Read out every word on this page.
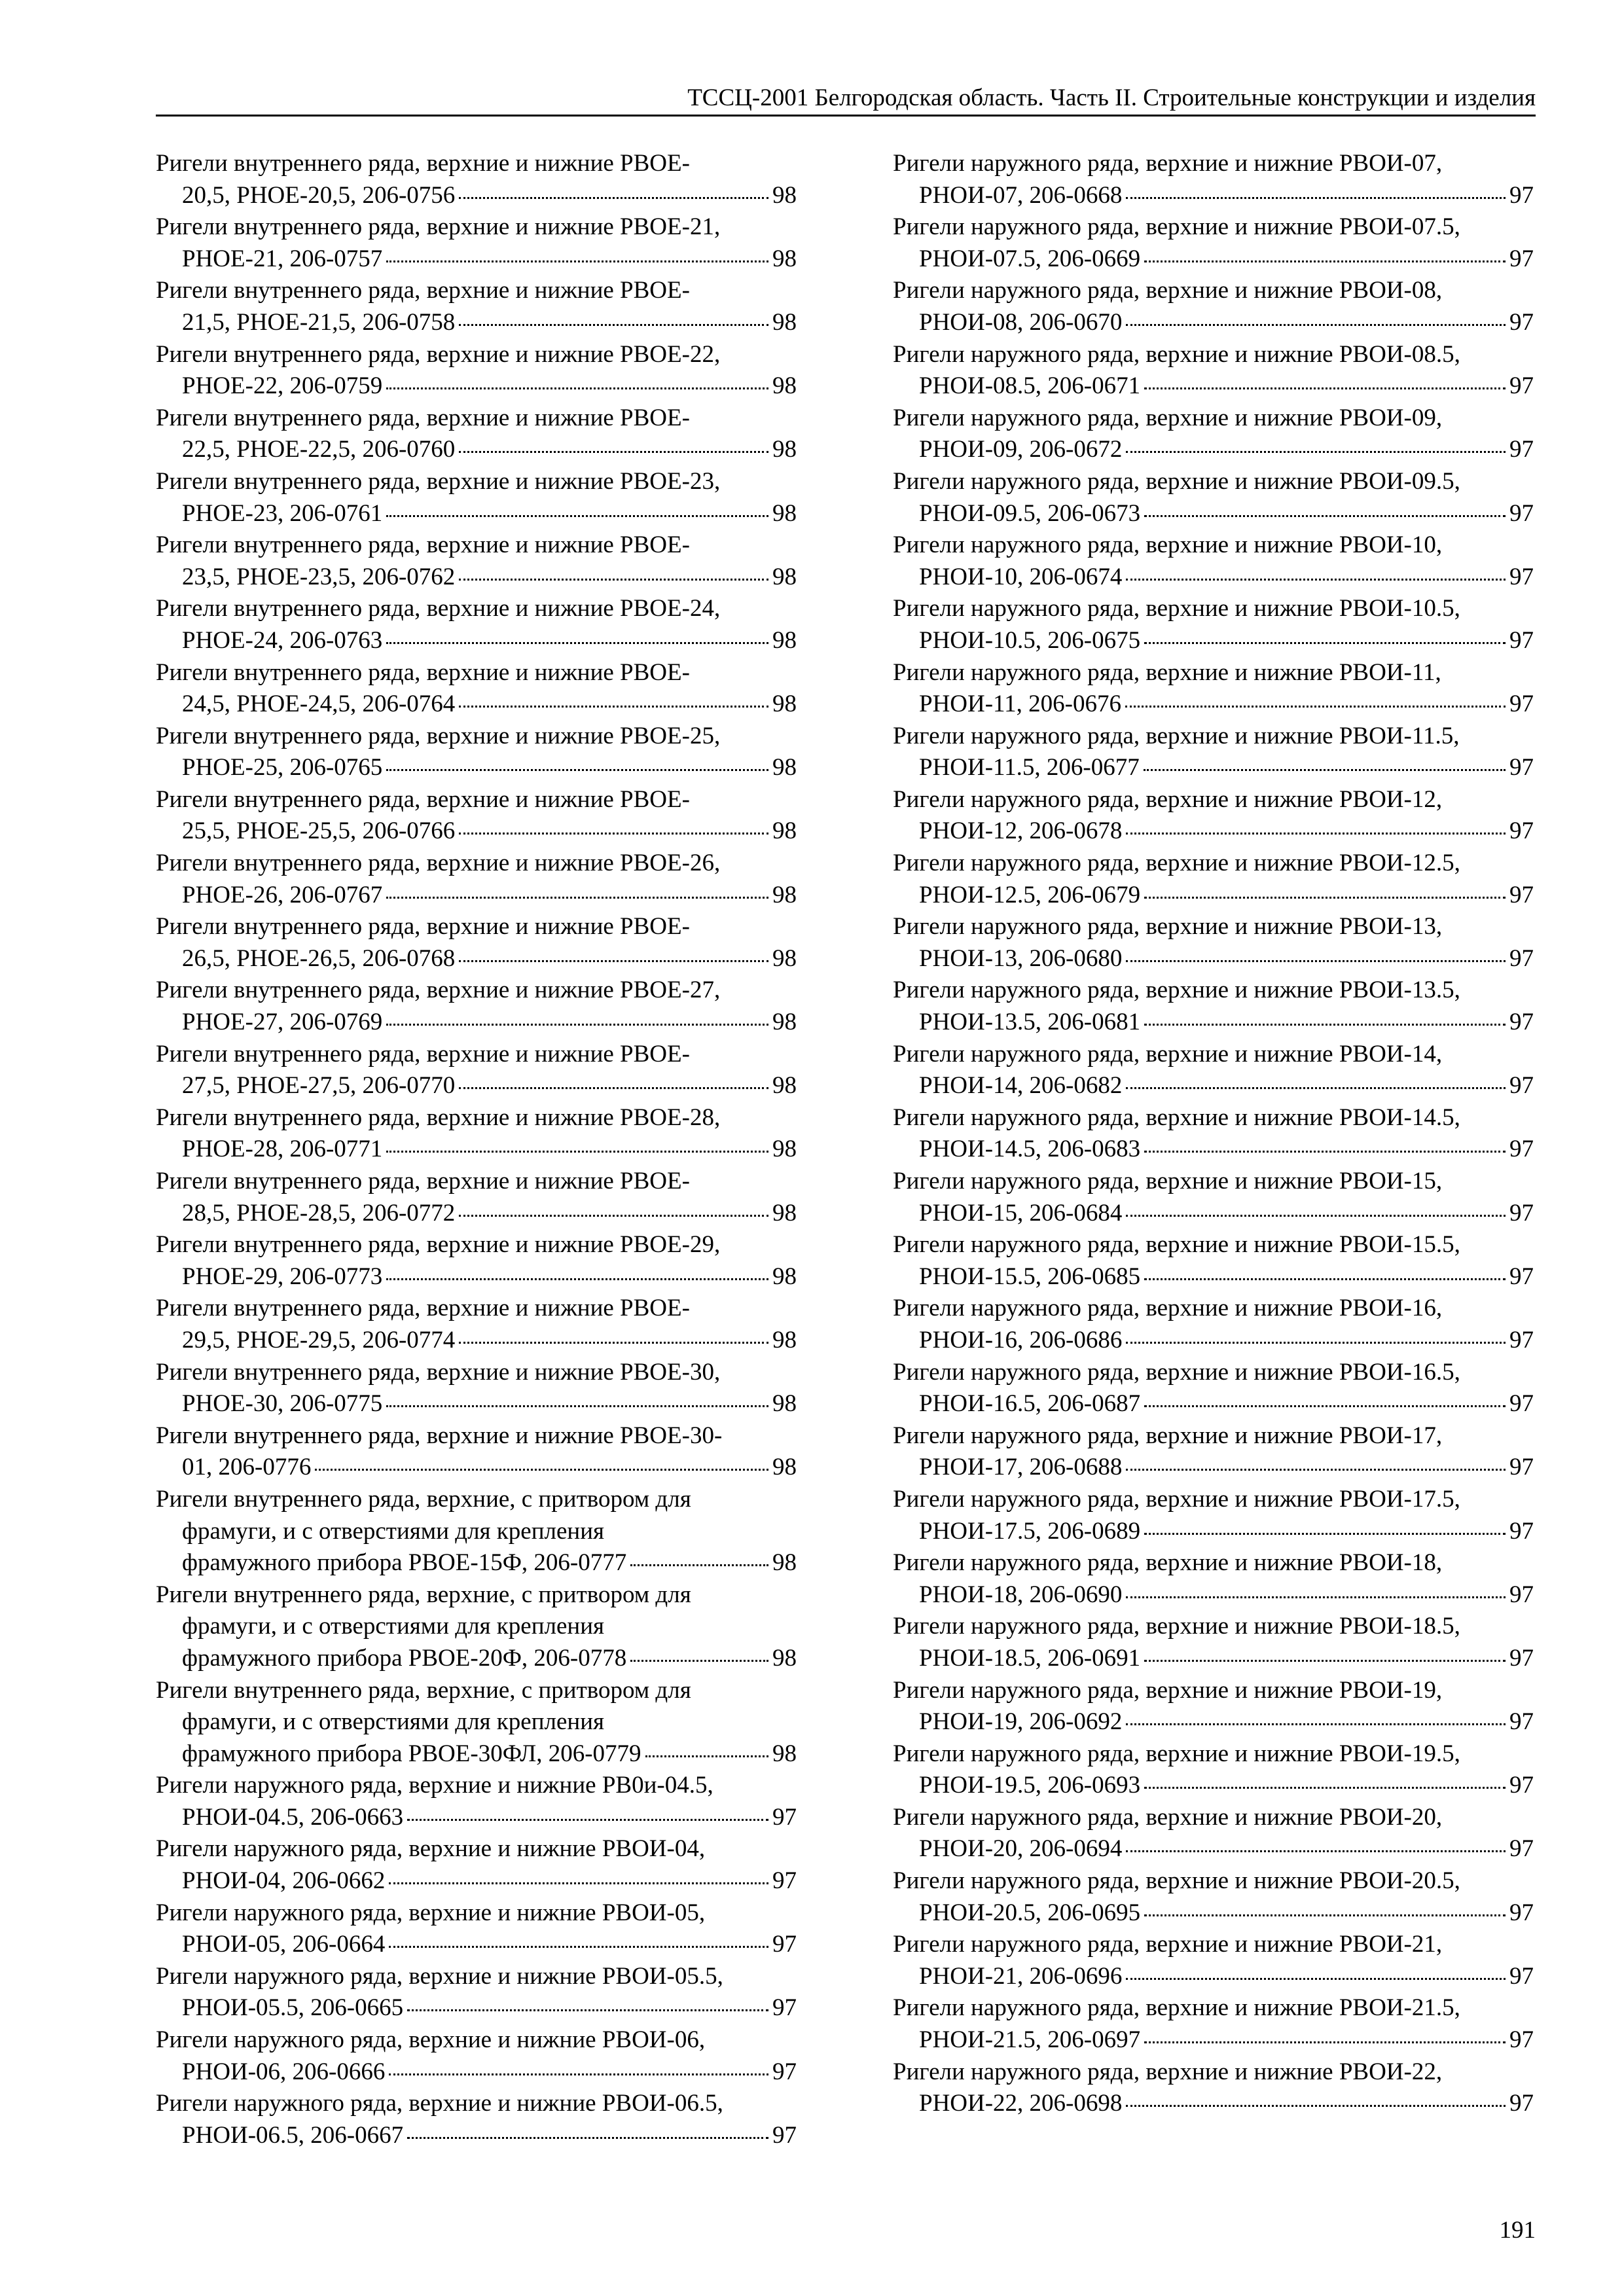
ТССЦ-2001 Белгородская область. Часть II. Строительные конструкции и изделия
Ригели внутреннего ряда, верхние и нижние РВОЕ-
20,5, РНОЕ-20,5, 206-0756	98
Ригели внутреннего ряда, верхние и нижние РВОЕ-21,
РНОЕ-21, 206-0757	98
Ригели внутреннего ряда, верхние и нижние РВОЕ-
21,5, РНОЕ-21,5, 206-0758	98
Ригели внутреннего ряда, верхние и нижние РВОЕ-22,
РНОЕ-22, 206-0759	98
Ригели внутреннего ряда, верхние и нижние РВОЕ-
22,5, РНОЕ-22,5, 206-0760	98
Ригели внутреннего ряда, верхние и нижние РВОЕ-23,
РНОЕ-23, 206-0761	98
Ригели внутреннего ряда, верхние и нижние РВОЕ-
23,5, РНОЕ-23,5, 206-0762	98
Ригели внутреннего ряда, верхние и нижние РВОЕ-24,
РНОЕ-24, 206-0763	98
Ригели внутреннего ряда, верхние и нижние РВОЕ-
24,5, РНОЕ-24,5, 206-0764	98
Ригели внутреннего ряда, верхние и нижние РВОЕ-25,
РНОЕ-25, 206-0765	98
Ригели внутреннего ряда, верхние и нижние РВОЕ-
25,5, РНОЕ-25,5, 206-0766	98
Ригели внутреннего ряда, верхние и нижние РВОЕ-26,
РНОЕ-26, 206-0767	98
Ригели внутреннего ряда, верхние и нижние РВОЕ-
26,5, РНОЕ-26,5, 206-0768	98
Ригели внутреннего ряда, верхние и нижние РВОЕ-27,
РНОЕ-27, 206-0769	98
Ригели внутреннего ряда, верхние и нижние РВОЕ-
27,5, РНОЕ-27,5, 206-0770	98
Ригели внутреннего ряда, верхние и нижние РВОЕ-28,
РНОЕ-28, 206-0771	98
Ригели внутреннего ряда, верхние и нижние РВОЕ-
28,5, РНОЕ-28,5, 206-0772	98
Ригели внутреннего ряда, верхние и нижние РВОЕ-29,
РНОЕ-29, 206-0773	98
Ригели внутреннего ряда, верхние и нижние РВОЕ-
29,5, РНОЕ-29,5, 206-0774	98
Ригели внутреннего ряда, верхние и нижние РВОЕ-30,
РНОЕ-30, 206-0775	98
Ригели внутреннего ряда, верхние и нижние РВОЕ-30-
01, 206-0776	98
Ригели внутреннего ряда, верхние, с притвором для
фрамуги, и с отверстиями для крепления
фрамужного прибора РВОЕ-15Ф, 206-0777	98
Ригели внутреннего ряда, верхние, с притвором для
фрамуги, и с отверстиями для крепления
фрамужного прибора РВОЕ-20Ф, 206-0778	98
Ригели внутреннего ряда, верхние, с притвором для
фрамуги, и с отверстиями для крепления
фрамужного прибора РВОЕ-30ФЛ, 206-0779	98
Ригели наружного ряда, верхние и нижние РВ0и-04.5,
РНОИ-04.5, 206-0663	97
Ригели наружного ряда, верхние и нижние РВОИ-04,
РНОИ-04, 206-0662	97
Ригели наружного ряда, верхние и нижние РВОИ-05,
РНОИ-05, 206-0664	97
Ригели наружного ряда, верхние и нижние РВОИ-05.5,
РНОИ-05.5, 206-0665	97
Ригели наружного ряда, верхние и нижние РВОИ-06,
РНОИ-06, 206-0666	97
Ригели наружного ряда, верхние и нижние РВОИ-06.5,
РНОИ-06.5, 206-0667	97
Ригели наружного ряда, верхние и нижние РВОИ-07,
РНОИ-07, 206-0668	97
Ригели наружного ряда, верхние и нижние РВОИ-07.5,
РНОИ-07.5, 206-0669	97
Ригели наружного ряда, верхние и нижние РВОИ-08,
РНОИ-08, 206-0670	97
Ригели наружного ряда, верхние и нижние РВОИ-08.5,
РНОИ-08.5, 206-0671	97
Ригели наружного ряда, верхние и нижние РВОИ-09,
РНОИ-09, 206-0672	97
Ригели наружного ряда, верхние и нижние РВОИ-09.5,
РНОИ-09.5, 206-0673	97
Ригели наружного ряда, верхние и нижние РВОИ-10,
РНОИ-10, 206-0674	97
Ригели наружного ряда, верхние и нижние РВОИ-10.5,
РНОИ-10.5, 206-0675	97
Ригели наружного ряда, верхние и нижние РВОИ-11,
РНОИ-11, 206-0676	97
Ригели наружного ряда, верхние и нижние РВОИ-11.5,
РНОИ-11.5, 206-0677	97
Ригели наружного ряда, верхние и нижние РВОИ-12,
РНОИ-12, 206-0678	97
Ригели наружного ряда, верхние и нижние РВОИ-12.5,
РНОИ-12.5, 206-0679	97
Ригели наружного ряда, верхние и нижние РВОИ-13,
РНОИ-13, 206-0680	97
Ригели наружного ряда, верхние и нижние РВОИ-13.5,
РНОИ-13.5, 206-0681	97
Ригели наружного ряда, верхние и нижние РВОИ-14,
РНОИ-14, 206-0682	97
Ригели наружного ряда, верхние и нижние РВОИ-14.5,
РНОИ-14.5, 206-0683	97
Ригели наружного ряда, верхние и нижние РВОИ-15,
РНОИ-15, 206-0684	97
Ригели наружного ряда, верхние и нижние РВОИ-15.5,
РНОИ-15.5, 206-0685	97
Ригели наружного ряда, верхние и нижние РВОИ-16,
РНОИ-16, 206-0686	97
Ригели наружного ряда, верхние и нижние РВОИ-16.5,
РНОИ-16.5, 206-0687	97
Ригели наружного ряда, верхние и нижние РВОИ-17,
РНОИ-17, 206-0688	97
Ригели наружного ряда, верхние и нижние РВОИ-17.5,
РНОИ-17.5, 206-0689	97
Ригели наружного ряда, верхние и нижние РВОИ-18,
РНОИ-18, 206-0690	97
Ригели наружного ряда, верхние и нижние РВОИ-18.5,
РНОИ-18.5, 206-0691	97
Ригели наружного ряда, верхние и нижние РВОИ-19,
РНОИ-19, 206-0692	97
Ригели наружного ряда, верхние и нижние РВОИ-19.5,
РНОИ-19.5, 206-0693	97
Ригели наружного ряда, верхние и нижние РВОИ-20,
РНОИ-20, 206-0694	97
Ригели наружного ряда, верхние и нижние РВОИ-20.5,
РНОИ-20.5, 206-0695	97
Ригели наружного ряда, верхние и нижние РВОИ-21,
РНОИ-21, 206-0696	97
Ригели наружного ряда, верхние и нижние РВОИ-21.5,
РНОИ-21.5, 206-0697	97
Ригели наружного ряда, верхние и нижние РВОИ-22,
РНОИ-22, 206-0698	97
191
